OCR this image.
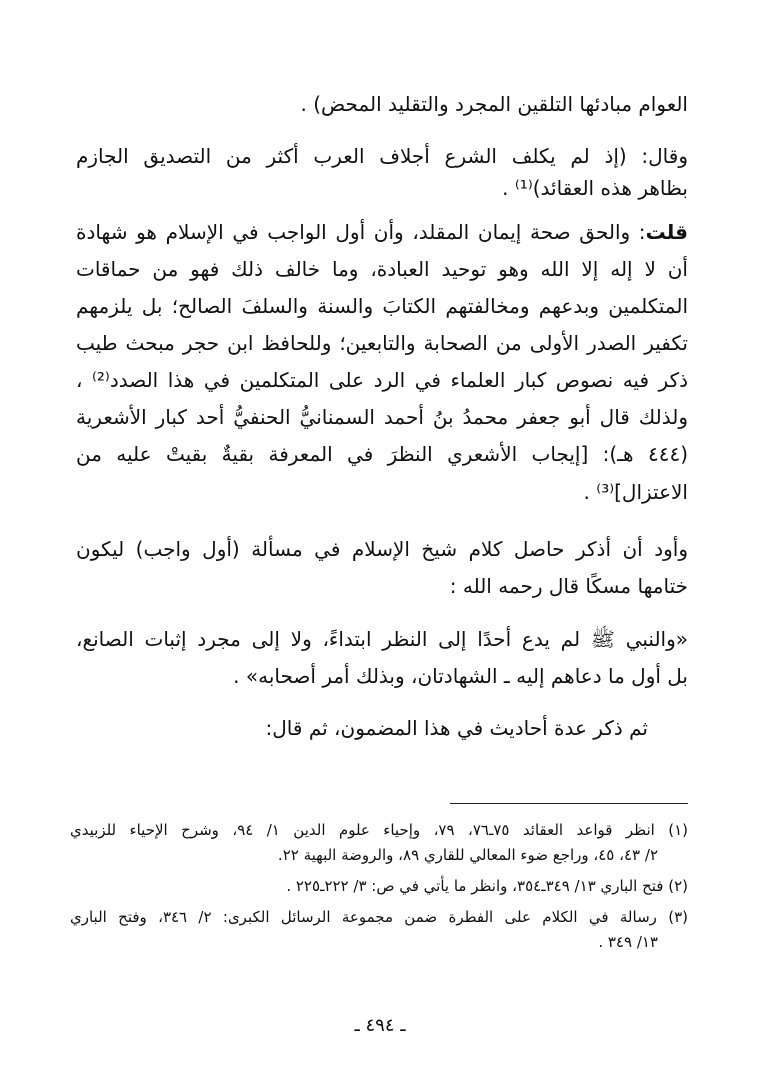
العوام مبادئها التلقين المجرد والتقليد المحض) .
وقال: (إذ لم يكلف الشرع أجلاف العرب أكثر من التصديق الجازم
بظاهر هذه العقائد)⁽¹⁾ .
قلت: والحق صحة إيمان المقلد، وأن أول الواجب في الإسلام هو شهادة
أن لا إله إلا الله وهو توحيد العبادة، وما خالف ذلك فهو من حماقات
المتكلمين وبدعهم ومخالفتهم الكتابَ والسنة والسلفَ الصالح؛ بل يلزمهم
تكفير الصدر الأولى من الصحابة والتابعين؛ وللحافظ ابن حجر مبحث طيب
ذكر فيه نصوص كبار العلماء في الرد على المتكلمين في هذا الصدد⁽²⁾ ،
ولذلك قال أبو جعفر محمدُ بنُ أحمد السمنانيُّ الحنفيُّ أحد كبار الأشعرية
(٤٤٤ هـ): [إيجاب الأشعري النظرَ في المعرفة بقيةٌ بقيتْ عليه من
الاعتزال]⁽³⁾ .
وأود أن أذكر حاصل كلام شيخ الإسلام في مسألة (أول واجب) ليكون
ختامها مسكًا قال رحمه الله :
«والنبي ﷺ لم يدع أحدًا إلى النظر ابتداءً، ولا إلى مجرد إثبات الصانع،
بل أول ما دعاهم إليه ـ الشهادتان، وبذلك أمر أصحابه» .
ثم ذكر عدة أحاديث في هذا المضمون، ثم قال:
(١) انظر قواعد العقائد ٧٥ـ٧٦، ٧٩، وإحياء علوم الدين ١/ ٩٤، وشرح الإحياء للزبيدي
٢/ ٤٣، ٤٥، وراجع ضوء المعالي للقاري ٨٩، والروضة البهية ٢٢.
(٢) فتح الباري ١٣/ ٣٤٩ـ٣٥٤، وانظر ما يأتي في ص: ٣/ ٢٢٢ـ٢٢٥ .
(٣) رسالة في الكلام على الفطرة ضمن مجموعة الرسائل الكبرى: ٢/ ٣٤٦، وفتح الباري
١٣/ ٣٤٩ .
ـ ٤٩٤ ـ
